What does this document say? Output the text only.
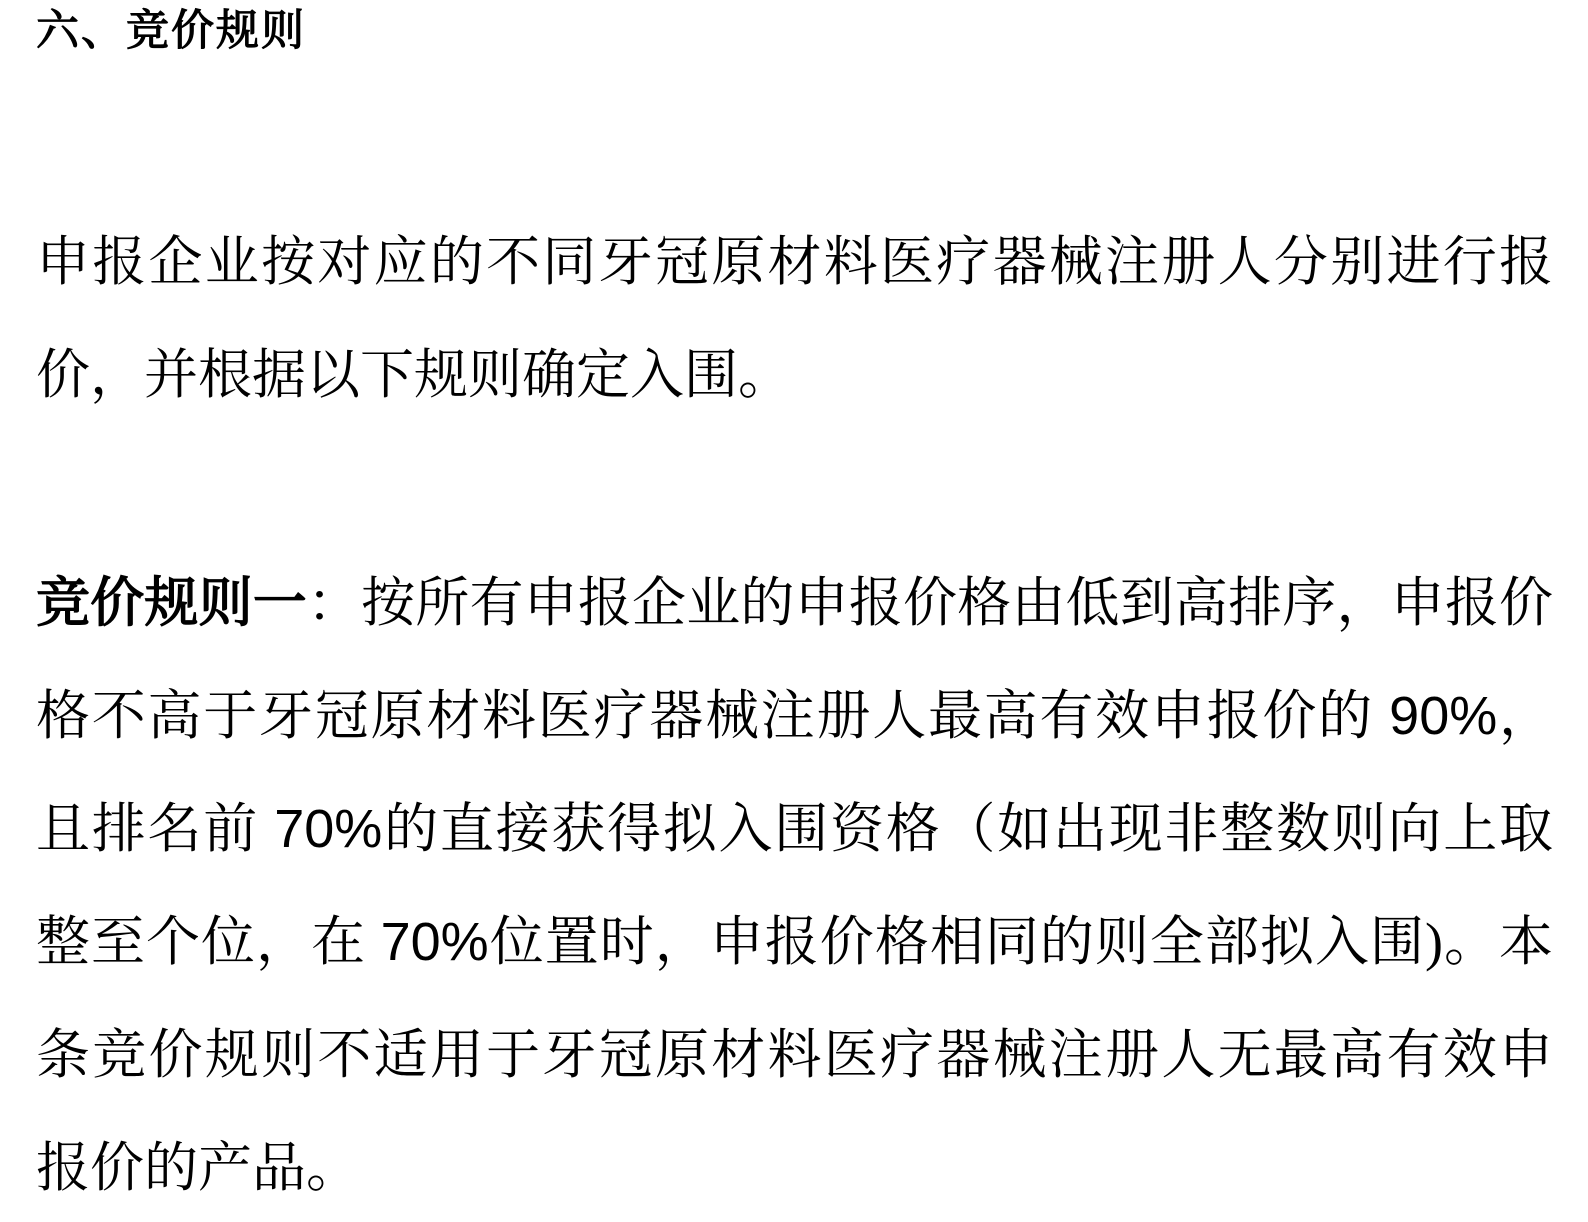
六、竞价规则
申报企业按对应的不同牙冠原材料医疗器械注册人分别进行报
价，并根据以下规则确定入围。
竞价规则一：按所有申报企业的申报价格由低到高排序，申报价
格不高于牙冠原材料医疗器械注册人最高有效申报价的 90%，
且排名前 70%的直接获得拟入围资格（如出现非整数则向上取
整至个位，在 70%位置时，申报价格相同的则全部拟入围)。本
条竞价规则不适用于牙冠原材料医疗器械注册人无最高有效申
报价的产品。
